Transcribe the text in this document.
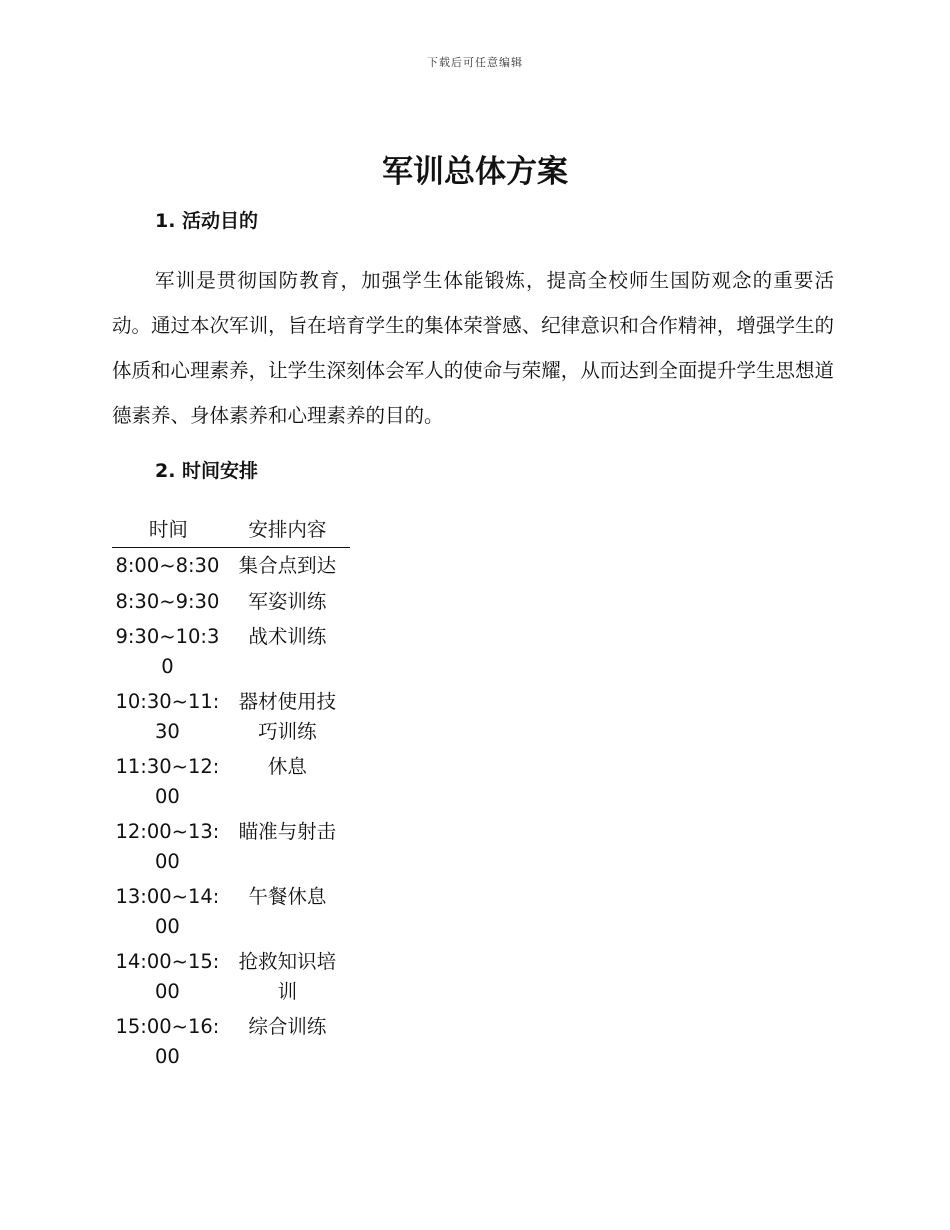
下载后可任意编辑
军训总体方案
1. 活动目的

军训是贯彻国防教育，加强学生体能锻炼，提高全校师生国防观念的重要活动。通过本次军训，旨在培育学生的集体荣誉感、纪律意识和合作精神，增强学生的体质和心理素养，让学生深刻体会军人的使命与荣耀，从而达到全面提升学生思想道德素养、身体素养和心理素养的目的。

2. 时间安排
时间	安排内容
8:00~8:30	集合点到达
8:30~9:30	军姿训练
9:30~10:30	战术训练
10:30~11:30	器材使用技巧训练
11:30~12:00	休息
12:00~13:00	瞄准与射击
13:00~14:00	午餐休息
14:00~15:00	抢救知识培训
15:00~16:00	综合训练
